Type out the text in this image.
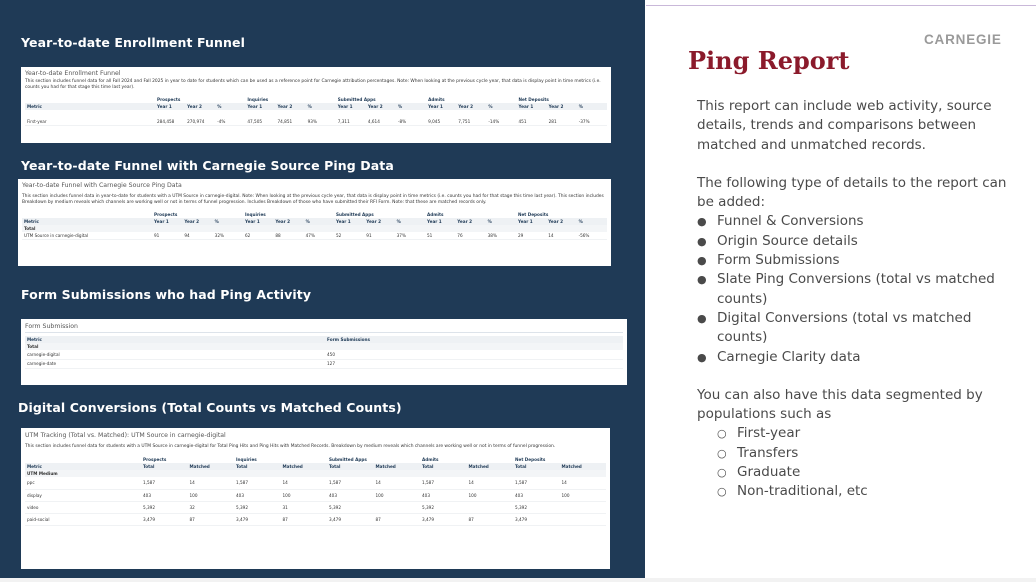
Year-to-date Enrollment Funnel
Year-to-date Enrollment Funnel
This section includes funnel data for all Fall 2024 and Fall 2025 in year to date for students which can be used as a reference point for Carnegie attribution percentages. Note: When looking at the previous cycle year, that data is display point in time metrics (i.e. counts you had for that stage this time last year).
	Prospects			Inquiries			Submitted Apps			Admits			Net Deposits		
Metric	Year 1	Year 2	%	Year 1	Year 2	%	Year 1	Year 2	%	Year 1	Year 2	%	Year 1	Year 2	%

First-year	284,458	270,974	-4%	47,505	74,851	93%	7,311	4,614	-8%	9,045	7,751	-14%	451	281	-37%
Year-to-date Funnel with Carnegie Source Ping Data
Year-to-date Funnel with Carnegie Source Ping Data
This section includes funnel data in year-to-date for students with a UTM Source in carnegie-digital. Note: When looking at the previous cycle year, that data is display point in time metrics (i.e. counts you had for that stage this time last year). This section includes Breakdown by medium reveals which channels are working well or not in terms of funnel progression. Includes Breakdown of those who have submitted their RFI Form. Note: that these are matched records only.
	Prospects			Inquiries			Submitted Apps			Admits			Net Deposits		
Metric	Year 1	Year 2	%	Year 1	Year 2	%	Year 1	Year 2	%	Year 1	Year 2	%	Year 1	Year 2	%
Total															
UTM Source in carnegie-digital	91	94	32%	62	88	47%	52	91	37%	51	76	38%	29	14	-56%
Form Submissions who had Ping Activity
Form Submission
Metric	Form Submissions
Total	
carnegie-digital	450
carnegie-date	127
Digital Conversions (Total Counts vs Matched Counts)
UTM Tracking (Total vs. Matched): UTM Source in carnegie-digital
This section includes funnel data for students with a UTM Source in carnegie-digital for Total Ping Hits and Ping Hits with Matched Records. Breakdown by medium reveals which channels are working well or not in terms of funnel progression.
	Prospects		Inquiries		Submitted Apps		Admits		Net Deposits	
Metric	Total	Matched	Total	Matched	Total	Matched	Total	Matched	Total	Matched
UTM Medium										
ppc	1,587	14	1,587	14	1,587	14	1,587	14	1,587	14
display	403	100	403	100	403	100	403	100	403	100
video	5,392	32	5,392	31	5,392		5,392		5,392	
paid-social	3,479	87	3,479	87	3,479	87	3,479	87	3,479	
CARNEGIE
Ping Report

This report can include web activity, source details, trends and comparisons between matched and unmatched records.

The following type of details to the report can be added:

● Funnel & Conversions
● Origin Source details
● Form Submissions
● Slate Ping Conversions (total vs matched counts)
● Digital Conversions (total vs matched counts)
● Carnegie Clarity data

You can also have this data segmented by populations such as

○ First-year
○ Transfers
○ Graduate
○ Non-traditional, etc
